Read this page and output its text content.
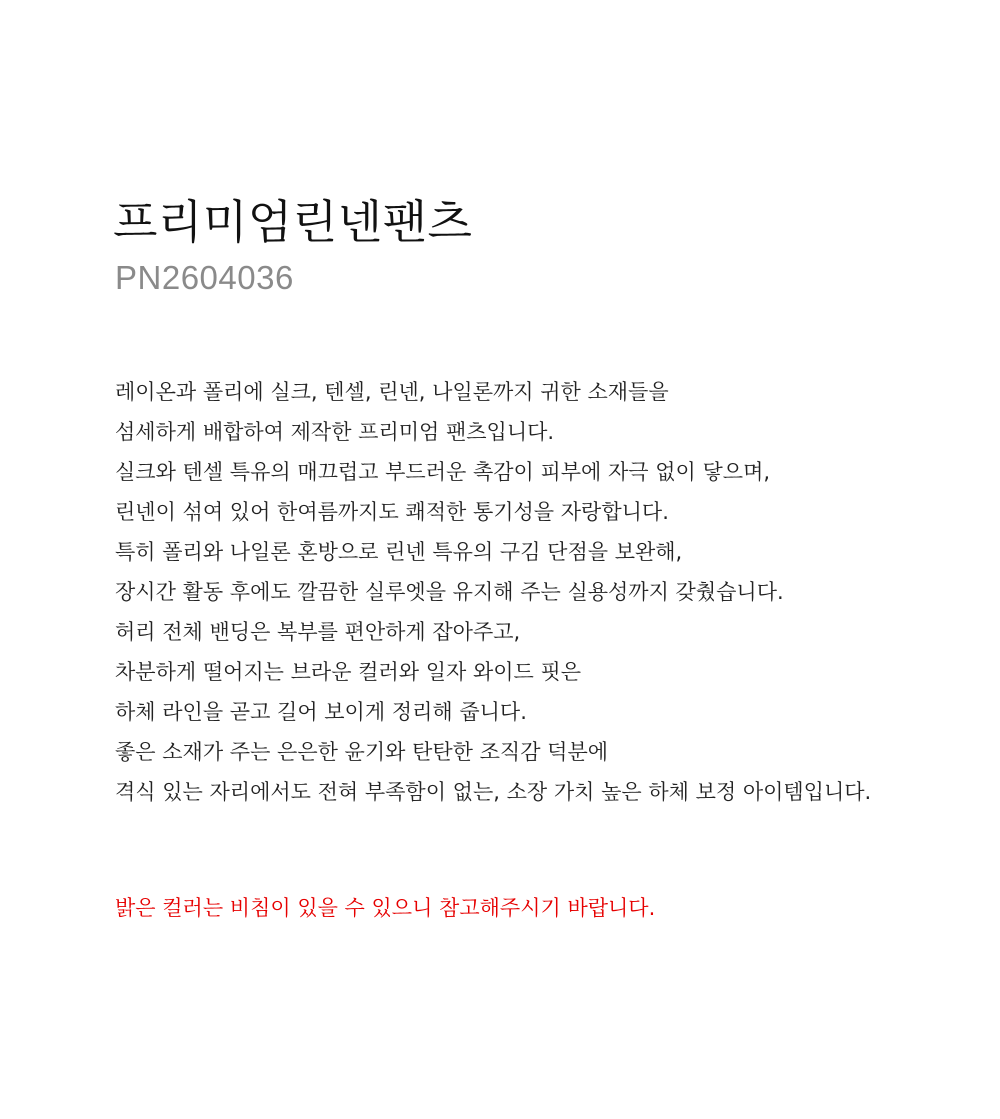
프리미엄린넨팬츠

PN2604036

레이온과 폴리에 실크, 텐셀, 린넨, 나일론까지 귀한 소재들을
섬세하게 배합하여 제작한 프리미엄 팬츠입니다.
실크와 텐셀 특유의 매끄럽고 부드러운 촉감이 피부에 자극 없이 닿으며,
린넨이 섞여 있어 한여름까지도 쾌적한 통기성을 자랑합니다.
특히 폴리와 나일론 혼방으로 린넨 특유의 구김 단점을 보완해,
장시간 활동 후에도 깔끔한 실루엣을 유지해 주는 실용성까지 갖췄습니다.
허리 전체 밴딩은 복부를 편안하게 잡아주고,
차분하게 떨어지는 브라운 컬러와 일자 와이드 핏은
하체 라인을 곧고 길어 보이게 정리해 줍니다.
좋은 소재가 주는 은은한 윤기와 탄탄한 조직감 덕분에
격식 있는 자리에서도 전혀 부족함이 없는, 소장 가치 높은 하체 보정 아이템입니다.

밝은 컬러는 비침이 있을 수 있으니 참고해주시기 바랍니다.
